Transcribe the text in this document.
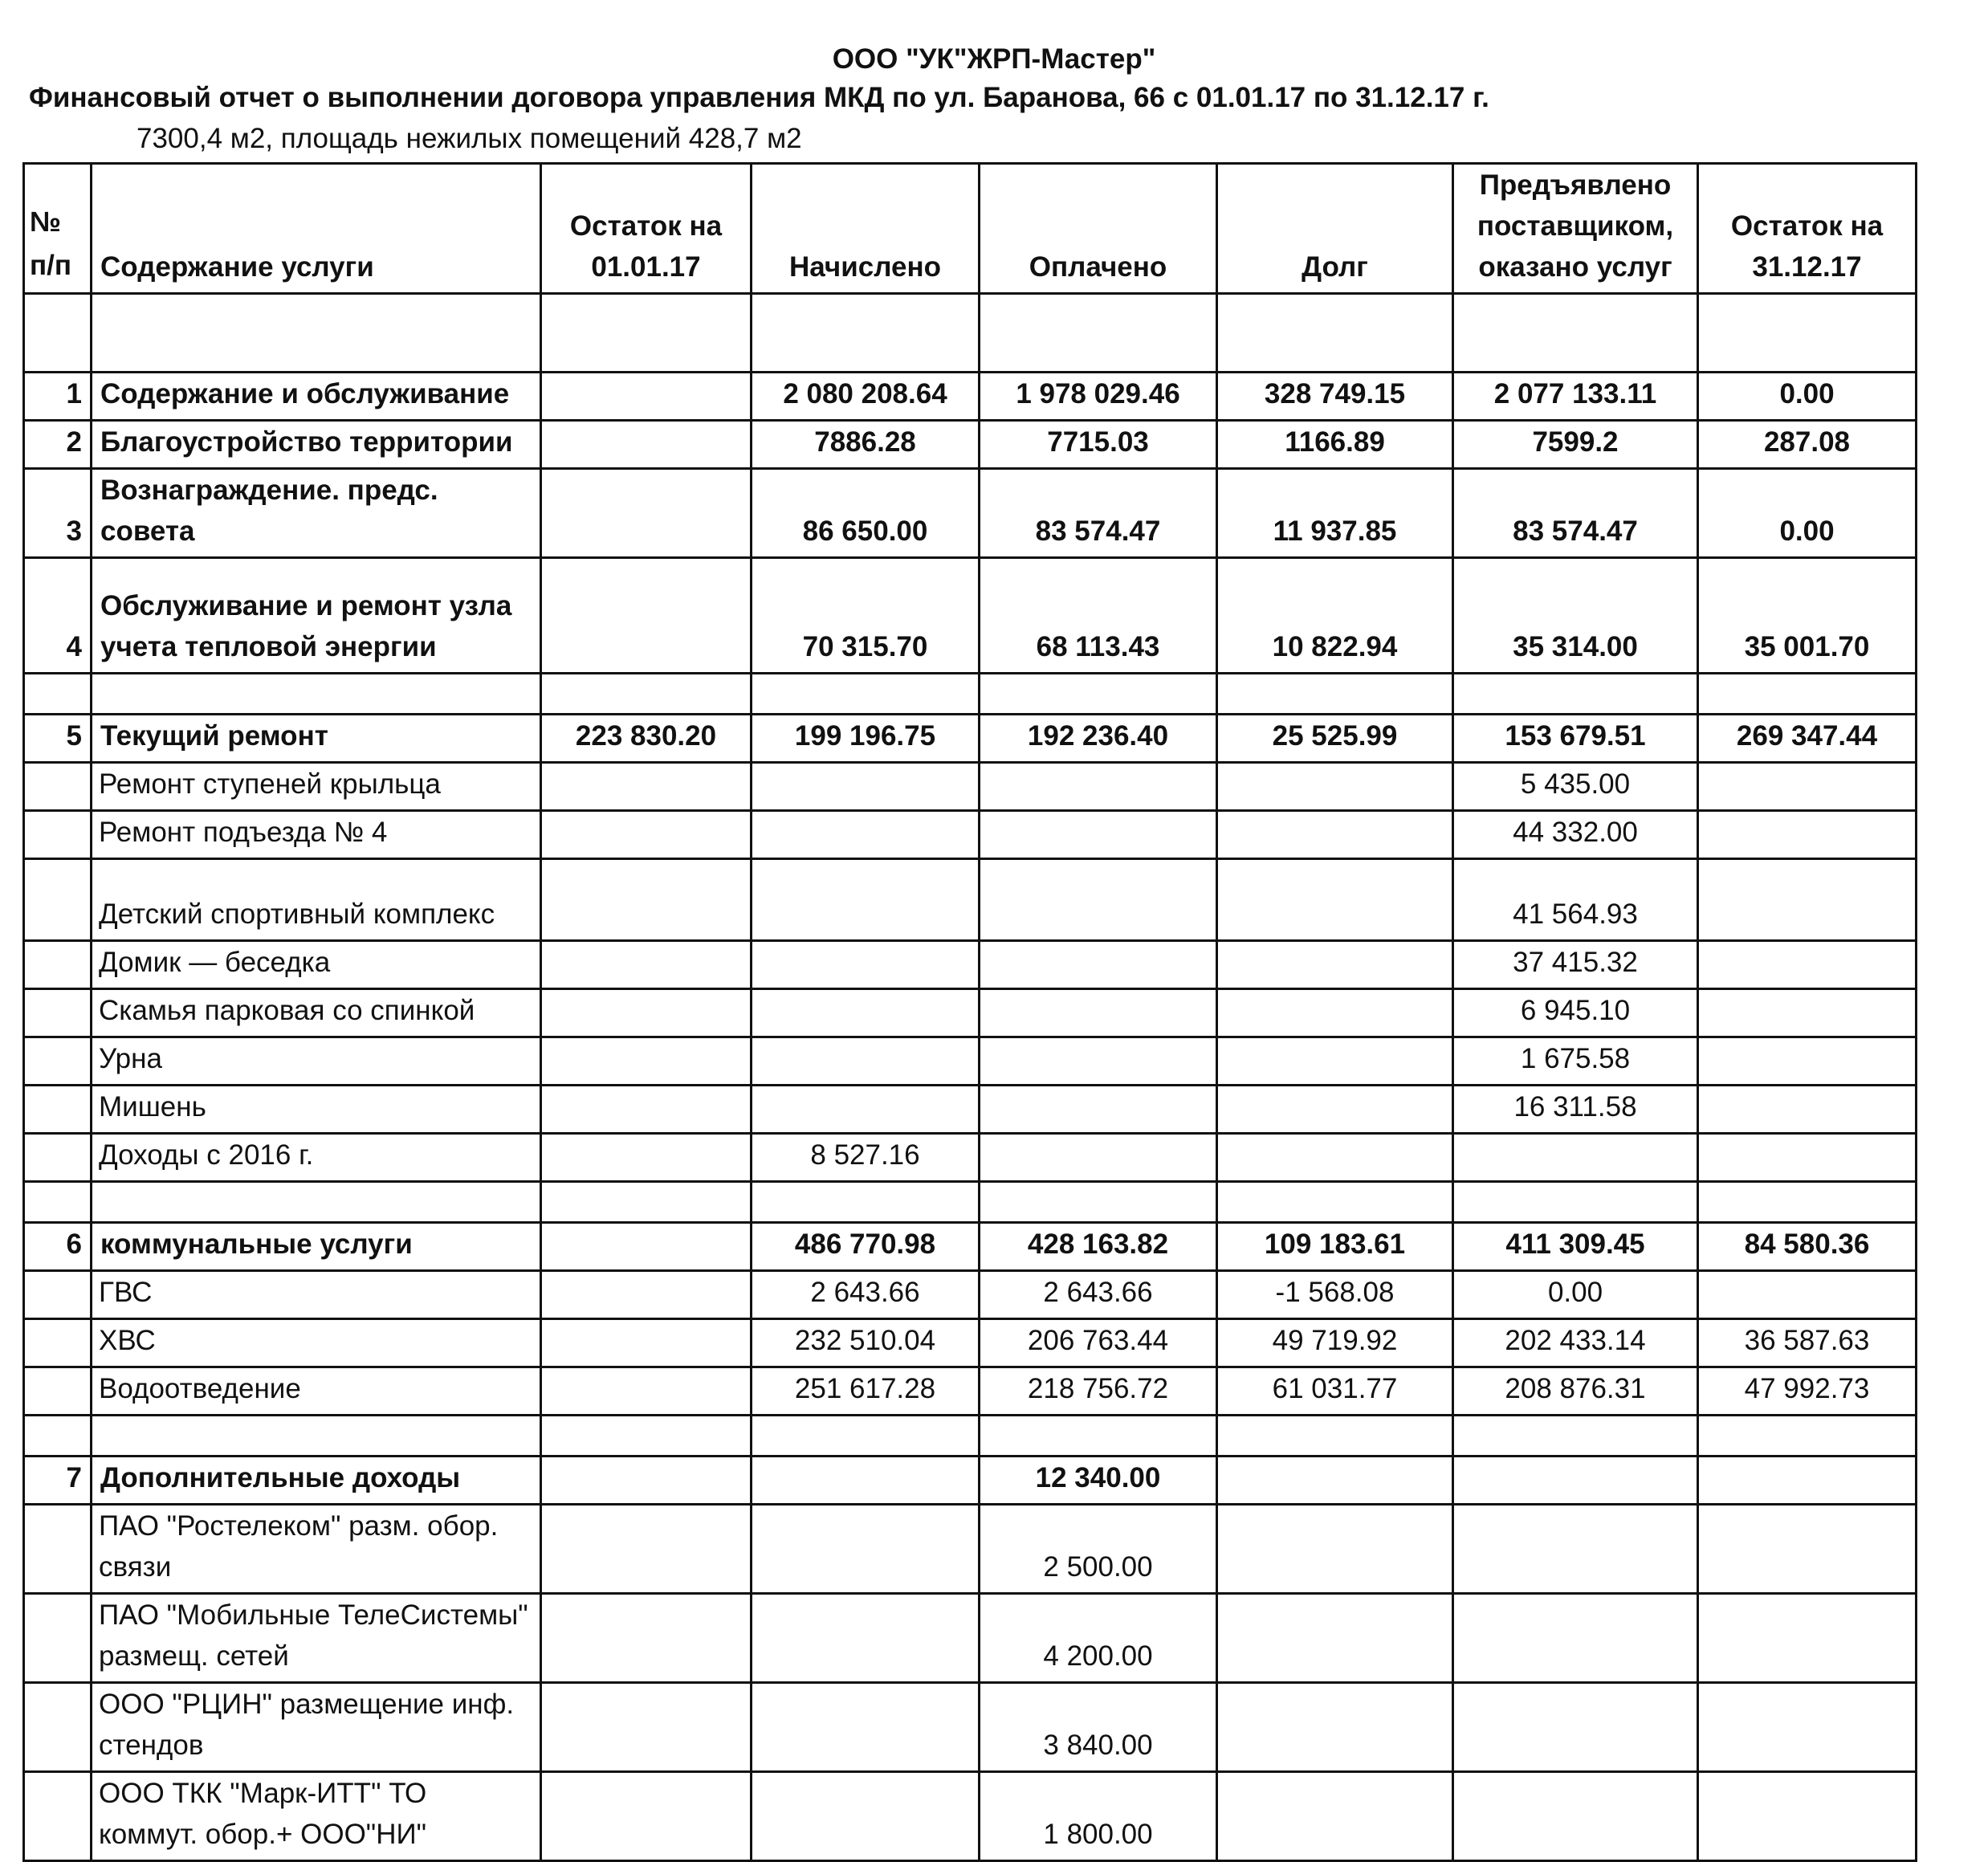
ООО "УК"ЖРП-Мастер"
Финансовый отчет о выполнении договора управления МКД по ул. Баранова, 66 с 01.01.17 по 31.12.17 г.
7300,4 м2, площадь нежилых помещений 428,7 м2
№ п/п	Содержание услуги	Остаток на 01.01.17	Начислено	Оплачено	Долг	Предъявлено поставщиком, оказано услуг	Остаток на 31.12.17

1	Содержание и обслуживание		2 080 208.64	1 978 029.46	328 749.15	2 077 133.11	0.00
2	Благоустройство территории		7886.28	7715.03	1166.89	7599.2	287.08
3	Вознаграждение. предс. совета		86 650.00	83 574.47	11 937.85	83 574.47	0.00
4	Обслуживание и ремонт узла учета тепловой энергии		70 315.70	68 113.43	10 822.94	35 314.00	35 001.70

5	Текущий ремонт	223 830.20	199 196.75	192 236.40	25 525.99	153 679.51	269 347.44
	Ремонт ступеней крыльца					5 435.00	
	Ремонт подъезда № 4					44 332.00	
	Детский спортивный комплекс					41 564.93	
	Домик — беседка					37 415.32	
	Скамья парковая со спинкой					6 945.10	
	Урна					1 675.58	
	Мишень					16 311.58	
	Доходы с 2016 г.		8 527.16				

6	коммунальные услуги		486 770.98	428 163.82	109 183.61	411 309.45	84 580.36
	ГВС		2 643.66	2 643.66	-1 568.08	0.00	
	ХВС		232 510.04	206 763.44	49 719.92	202 433.14	36 587.63
	Водоотведение		251 617.28	218 756.72	61 031.77	208 876.31	47 992.73

7	Дополнительные доходы			12 340.00			
	ПАО "Ростелеком" разм. обор. связи			2 500.00			
	ПАО "Мобильные ТелеСистемы" размещ. сетей			4 200.00			
	ООО "РЦИН" размещение инф. стендов			3 840.00			
	ООО ТКК "Марк-ИТТ" ТО коммут. обор.+ ООО"НИ"			1 800.00			
